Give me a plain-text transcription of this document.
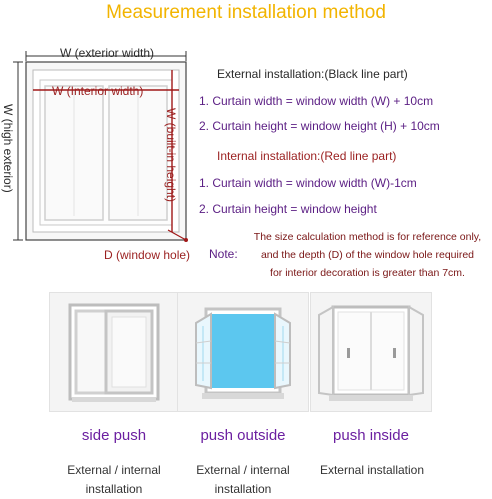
Measurement installation method
W (exterior width)
W (Interior width)
W (high exterior)	W (built-in height)
D (window hole)
External installation:(Black line part)
1. Curtain width = window width (W) + 10cm
2. Curtain height = window height (H) + 10cm
Internal installation:(Red line part)
1. Curtain width = window width (W)-1cm
2. Curtain height = window height
Note:
The size calculation method is for reference only,
and the depth (D) of the window hole required
for interior decoration is greater than 7cm.
side push	push outside	push inside
External / internal
installation
External / internal
installation
External installation
